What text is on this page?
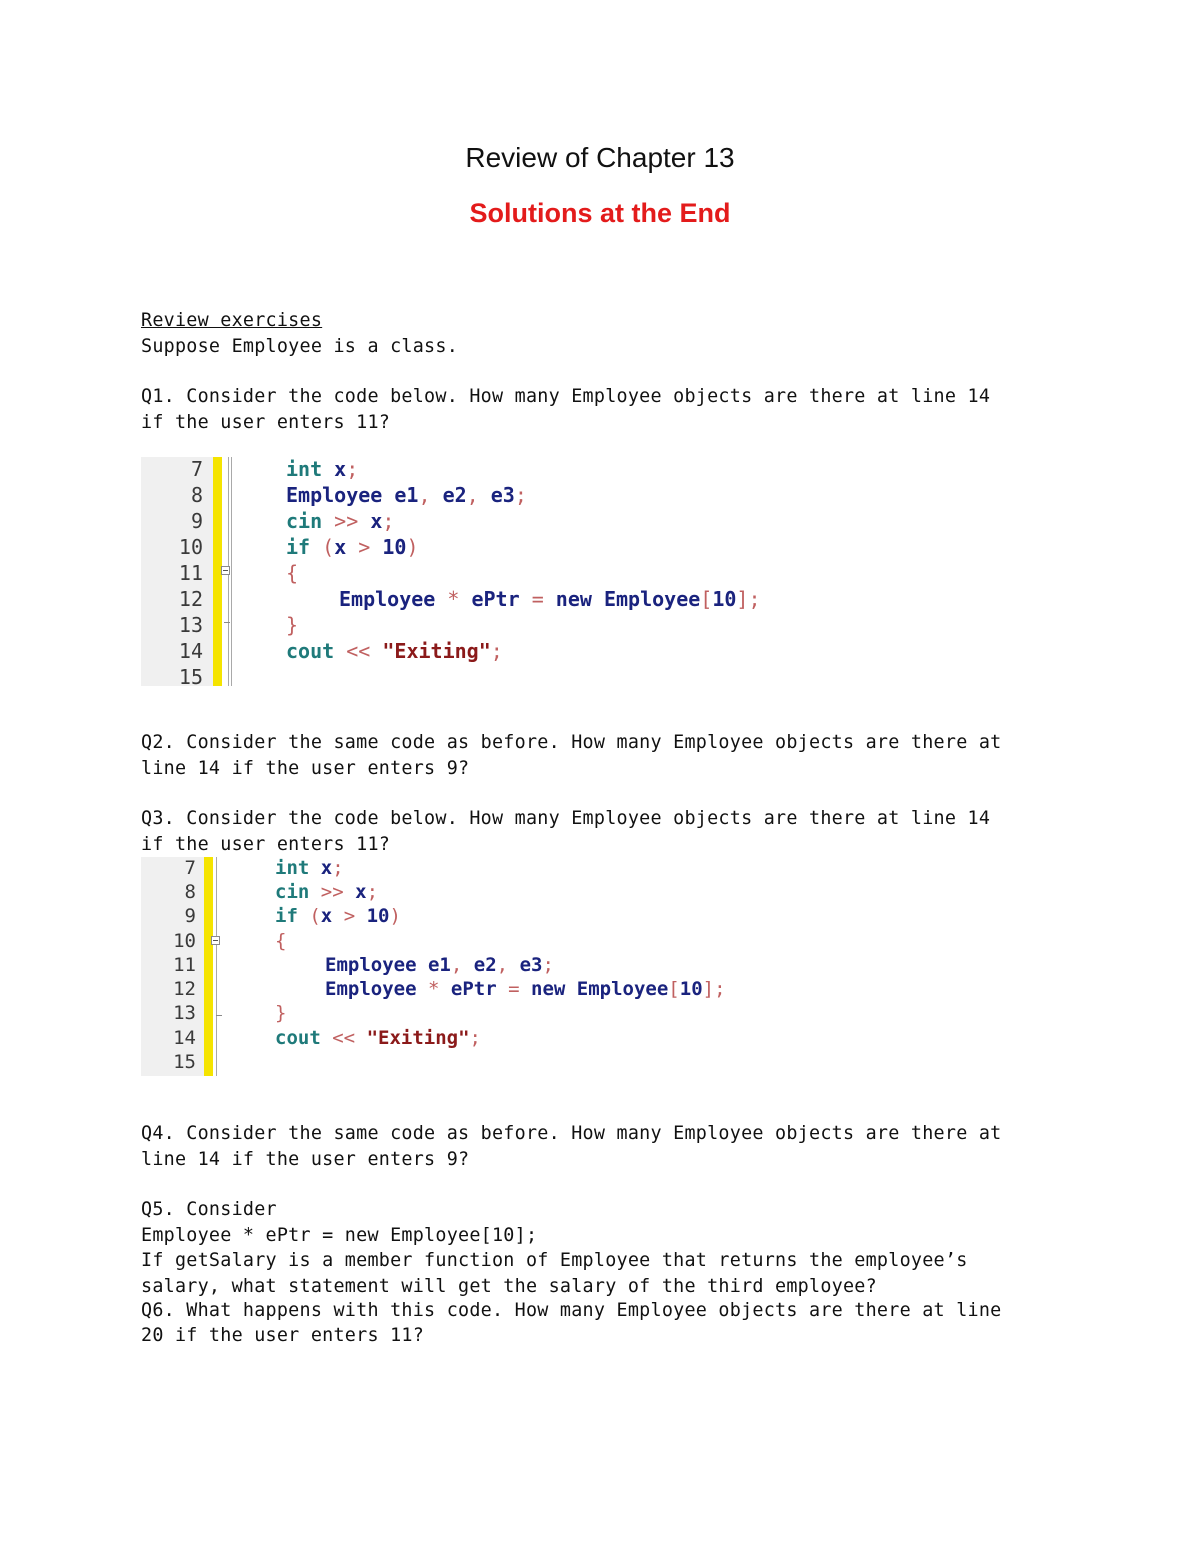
Review of Chapter 13
Solutions at the End
Review exercises
Suppose Employee is a class.
Q1. Consider the code below. How many Employee objects are there at line 14
if the user enters 11?
7
8
9
10
11
12
13
14
15
int x;
Employee e1, e2, e3;
cin >> x;
if (x > 10)
{
Employee * ePtr = new Employee[10];
}
cout << "Exiting";
Q2. Consider the same code as before. How many Employee objects are there at
line 14 if the user enters 9?
Q3. Consider the code below. How many Employee objects are there at line 14
if the user enters 11?
7
8
9
10
11
12
13
14
15
int x;
cin >> x;
if (x > 10)
{
Employee e1, e2, e3;
Employee * ePtr = new Employee[10];
}
cout << "Exiting";
Q4. Consider the same code as before. How many Employee objects are there at
line 14 if the user enters 9?
Q5. Consider
Employee * ePtr = new Employee[10];
If getSalary is a member function of Employee that returns the employee’s
salary, what statement will get the salary of the third employee?
Q6. What happens with this code. How many Employee objects are there at line
20 if the user enters 11?
